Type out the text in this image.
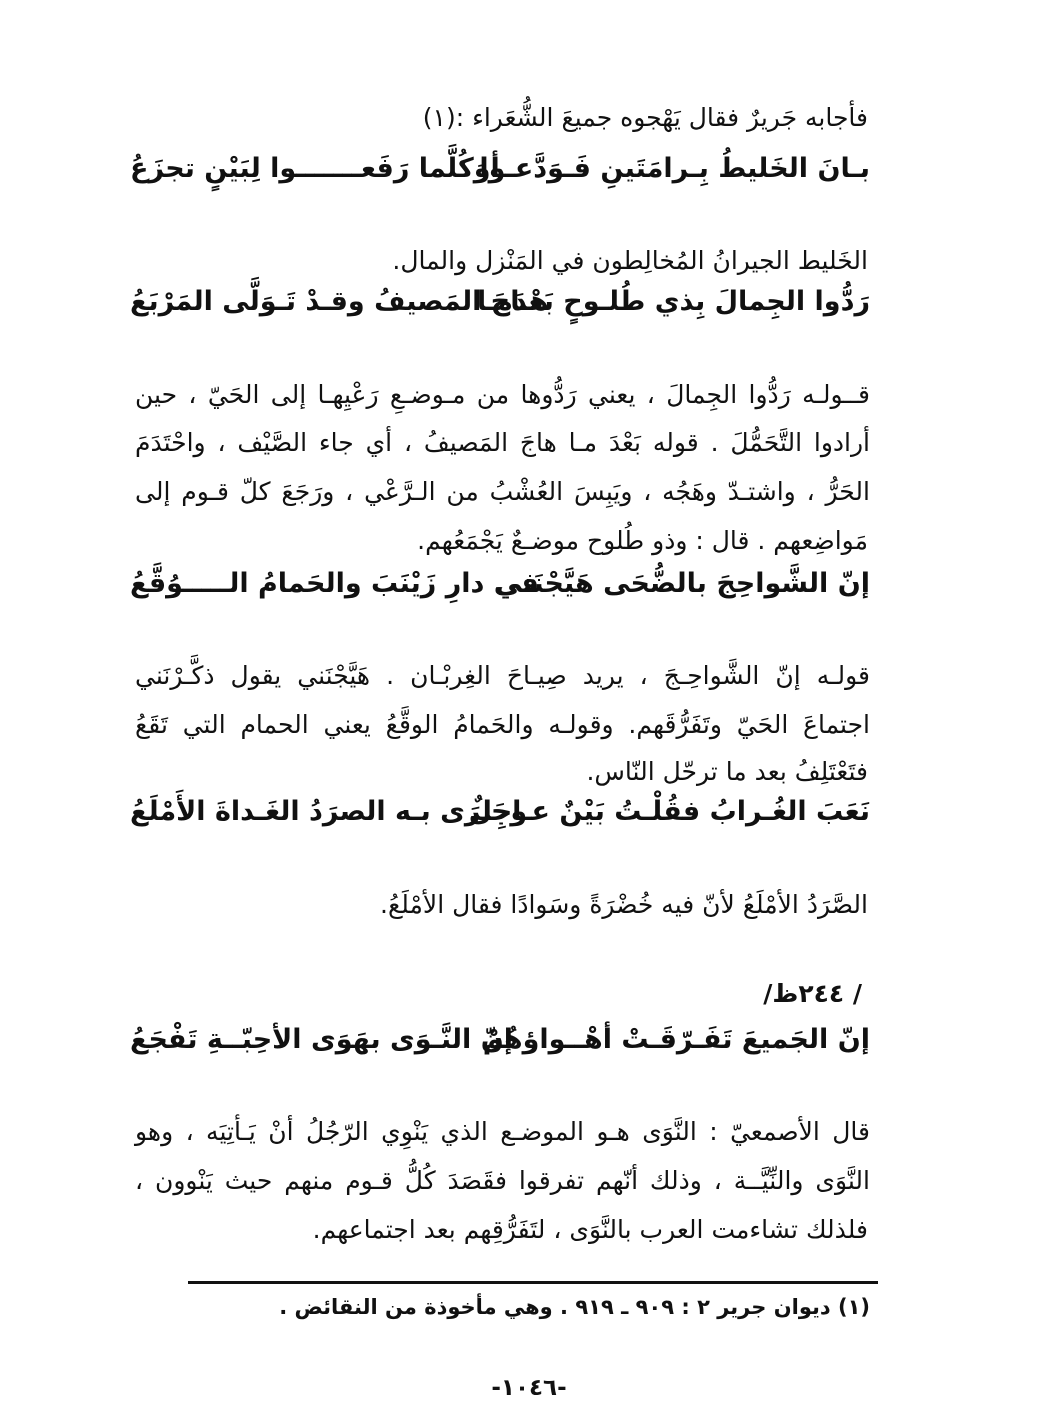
فأجابه جَريرٌ فقال يَهْجوه جميعَ الشُّعَراء :(١)
بـانَ الخَليطُ بِـرامَتَينِ فَـوَدَّعـوا
أوَكُلَّما رَفَعـــــــوا لِبَيْنٍ تجزَعُ
الخَليط الجيرانُ المُخالِطون في المَنْزل والمال.
رَدُّوا الجِمالَ بِذي طُلـوحٍ بَعْدَمـا
هـاجَ المَصيفُ وقـدْ تَـوَلَّى المَرْبَعُ
قــولـه رَدُّوا الجِمالَ ، يعني رَدُّوها من مـوضـعِ رَعْيِهـا إلى الحَيّ ، حين
أرادوا التَّحَمُّلَ . قوله بَعْدَ مـا هاجَ المَصيفُ ، أي جاء الصَّيْف ، واحْتَدَمَ
الحَرُّ ، واشتـدّ وهَجُه ، ويَبِسَ العُشْبُ من الـرَّعْي ، ورَجَعَ كلّ قـوم إلى
مَواضِعهم . قال : وذو طُلوح موضـعٌ يَجْمَعُهم.
إنّ الشَّواحِجَ بالضُّحَى هَيَّجْنَني
في دارِ زَيْنَبَ والحَمامُ الـــــوُقَّعُ
قولـه إنّ الشَّواحِـجَ ، يريد صِيـاحَ الغِربْـان . هَيَّجْنَني يقول ذكَّـرْنَني
اجتماعَ الحَيّ وتَفَرُّقَهم. وقولـه والحَمامُ الوقَّعُ يعني الحمام التي تَقَعُ
فتَعْتَلِفُ بعد ما ترحّل النّاس.
نَعَبَ الغُـرابُ فقُلْـتُ بَيْنٌ عـاجِلٌ
وجَـرَى بـه الصرَدُ الغَـداةَ الأَمْلَعُ
الصَّرَدُ الأمْلَعُ لأنّ فيه خُضْرَةً وسَوادًا فقال الأمْلَعُ.
/ ٢٤٤ظ/
إنّ الجَميعَ تَفَـرّقَـتْ أهْــواؤهُمْ
إنّ النَّـوَى بهَوَى الأحِبّــةِ تَفْجَعُ
قال الأصمعيّ : النَّوَى هـو الموضـع الذي يَنْوِي الرّجُلُ أنْ يَـأتِيَه ، وهو
النَّوَى والنِّيَّــة ، وذلك أنّهم تفرقوا فقَصَدَ كُلُّ قـوم منهم حيث يَنْوون ،
فلذلك تشاءمت العرب بالنَّوَى ، لتَفَرُّقِهم بعد اجتماعهم.
(١) ديوان جرير ٢ : ٩٠٩ ـ ٩١٩ . وهي مأخوذة من النقائض .
-١٠٤٦-
